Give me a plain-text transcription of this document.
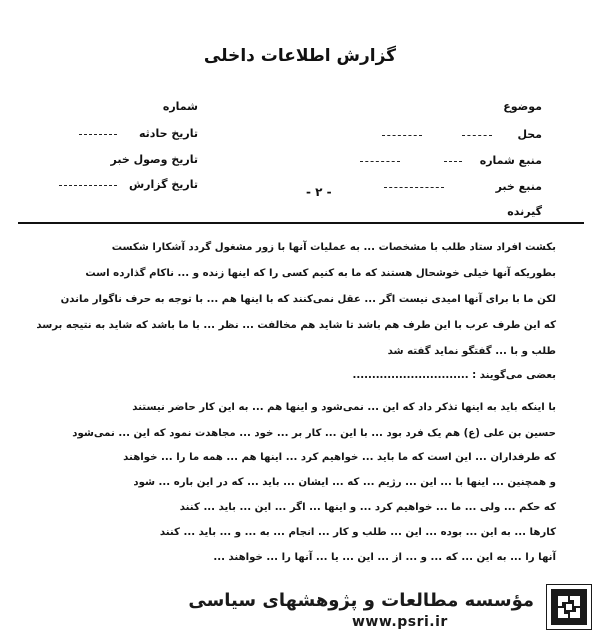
گزارش اطلاعات داخلی
موضوع
محل
منبع شماره
منبع خبر
گیرنده
شماره
تاریخ حادثه
تاریخ وصول خبر
تاریخ گزارش
- ۲ -
بکشت افراد ستاد طلب با مشخصات ... به عملیات آنها با زور مشغول گردد آشکارا شکست
بطوریکه آنها خیلی خوشحال هستند که ما به کنیم کسی را که اینها زنده و ... ناکام گذارده است
لکن ما با برای آنها امیدی نیست اگر ... عقل نمی‌کنند که با اینها هم ... با توجه به حرف ناگوار ماندن
که این طرف عرب با این طرف هم باشد تا شاید هم مخالفت ... نظر ... با ما باشد که شاید به نتیجه برسد
طلب و با ... گفتگو نماید گفته شد
بعضی می‌گویند : ..............................
با اینکه باید به اینها تذکر داد که این ... نمی‌شود و اینها هم ... به این کار حاضر نیستند
حسین بن علی (ع) هم یک فرد بود ... با این ... کار بر ... خود ... مجاهدت نمود که این ... نمی‌شود
که طرفداران ... این است که ما باید ... خواهیم کرد ... اینها هم ... همه ما را ... خواهند
و همچنین ... اینها با ... این ... رژیم ... که ... ایشان ... باید ... که در این باره ... شود
که حکم ... ولی ... ما ... خواهیم کرد ... و اینها ... اگر ... این ... باید ... کنند
کارها ... به این ... بوده ... این ... طلب و کار ... انجام ... به ... و ... باید ... کنند
آنها را ... به این ... که ... و ... از ... این ... یا ... آنها را ... خواهند ...
مؤسسه مطالعات و پژوهشهای سیاسی
www.psri.ir
